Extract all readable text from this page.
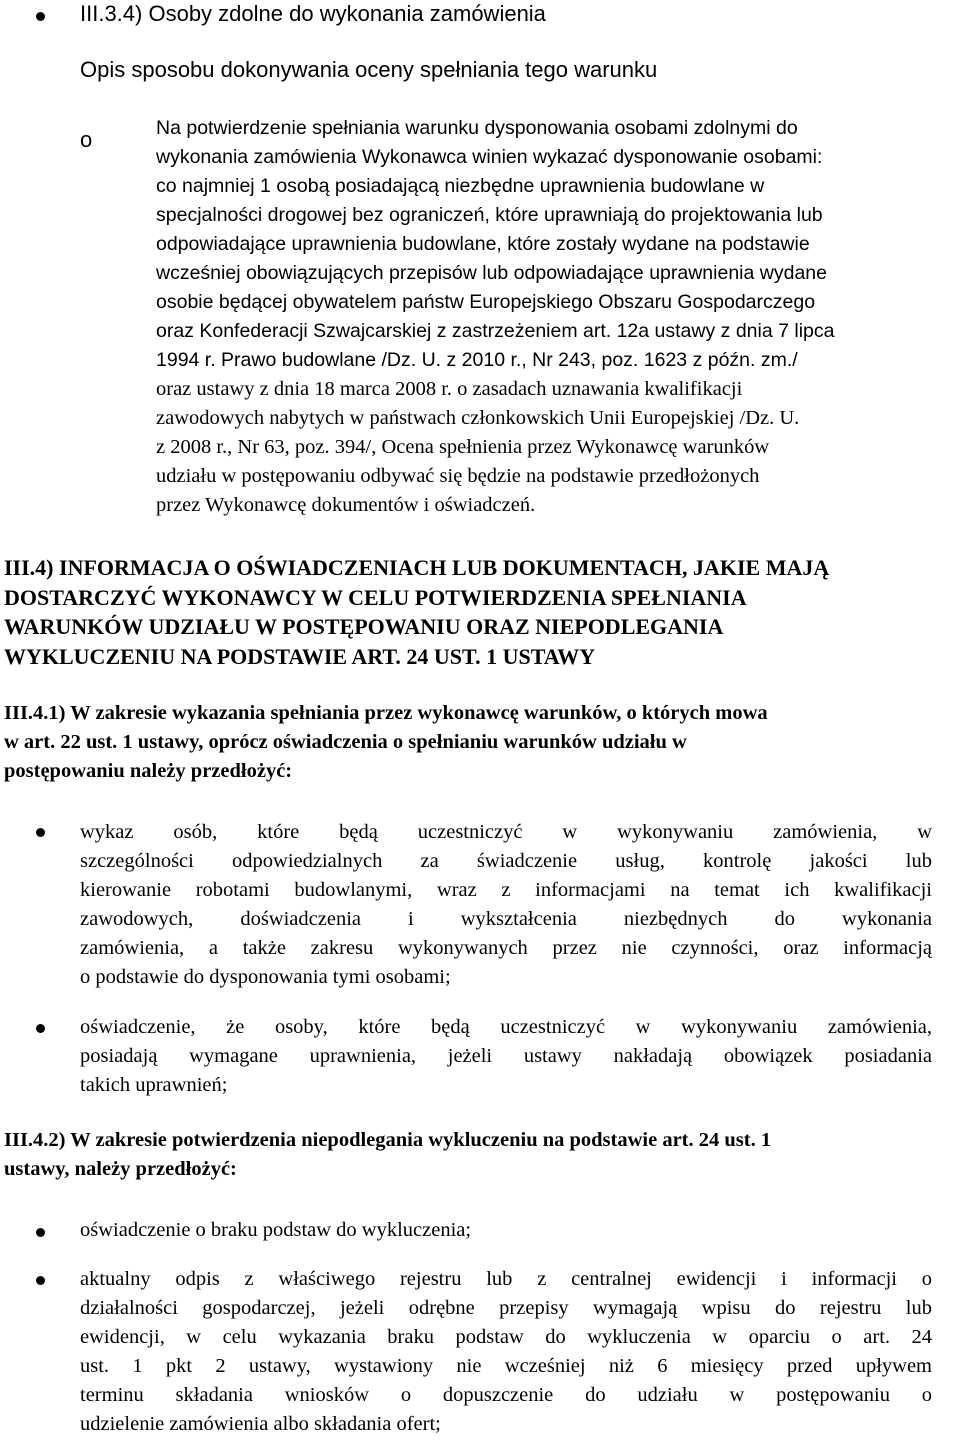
III.3.4) Osoby zdolne do wykonania zamówienia
Opis sposobu dokonywania oceny spełniania tego warunku
o	Na potwierdzenie spełniania warunku dysponowania osobami zdolnymi do
wykonania zamówienia Wykonawca winien wykazać dysponowanie osobami:
co najmniej 1 osobą posiadającą niezbędne uprawnienia budowlane w
specjalności drogowej bez ograniczeń, które uprawniają do projektowania lub
odpowiadające uprawnienia budowlane, które zostały wydane na podstawie
wcześniej obowiązujących przepisów lub odpowiadające uprawnienia wydane
osobie będącej obywatelem państw Europejskiego Obszaru Gospodarczego
oraz Konfederacji Szwajcarskiej z zastrzeżeniem art. 12a ustawy z dnia 7 lipca
1994 r. Prawo budowlane /Dz. U. z 2010 r., Nr 243, poz. 1623 z późn. zm./
oraz ustawy z dnia 18 marca 2008 r. o zasadach uznawania kwalifikacji
zawodowych nabytych w państwach członkowskich Unii Europejskiej /Dz. U.
z 2008 r., Nr 63, poz. 394/, Ocena spełnienia przez Wykonawcę warunków
udziału w postępowaniu odbywać się będzie na podstawie przedłożonych
przez Wykonawcę dokumentów i oświadczeń.
III.4) INFORMACJA O OŚWIADCZENIACH LUB DOKUMENTACH, JAKIE MAJĄ
DOSTARCZYĆ WYKONAWCY W CELU POTWIERDZENIA SPEŁNIANIA
WARUNKÓW UDZIAŁU W POSTĘPOWANIU ORAZ NIEPODLEGANIA
WYKLUCZENIU NA PODSTAWIE ART. 24 UST. 1 USTAWY
III.4.1) W zakresie wykazania spełniania przez wykonawcę warunków, o których mowa
w art. 22 ust. 1 ustawy, oprócz oświadczenia o spełnianiu warunków udziału w
postępowaniu należy przedłożyć:
wykaz osób, które będą uczestniczyć w wykonywaniu zamówienia, w
szczególności odpowiedzialnych za świadczenie usług, kontrolę jakości lub
kierowanie robotami budowlanymi, wraz z informacjami na temat ich kwalifikacji
zawodowych, doświadczenia i wykształcenia niezbędnych do wykonania
zamówienia, a także zakresu wykonywanych przez nie czynności, oraz informacją
o podstawie do dysponowania tymi osobami;
oświadczenie, że osoby, które będą uczestniczyć w wykonywaniu zamówienia,
posiadają wymagane uprawnienia, jeżeli ustawy nakładają obowiązek posiadania
takich uprawnień;
III.4.2) W zakresie potwierdzenia niepodlegania wykluczeniu na podstawie art. 24 ust. 1
ustawy, należy przedłożyć:
oświadczenie o braku podstaw do wykluczenia;
aktualny odpis z właściwego rejestru lub z centralnej ewidencji i informacji o
działalności gospodarczej, jeżeli odrębne przepisy wymagają wpisu do rejestru lub
ewidencji, w celu wykazania braku podstaw do wykluczenia w oparciu o art. 24
ust. 1 pkt 2 ustawy, wystawiony nie wcześniej niż 6 miesięcy przed upływem
terminu składania wniosków o dopuszczenie do udziału w postępowaniu o
udzielenie zamówienia albo składania ofert;
